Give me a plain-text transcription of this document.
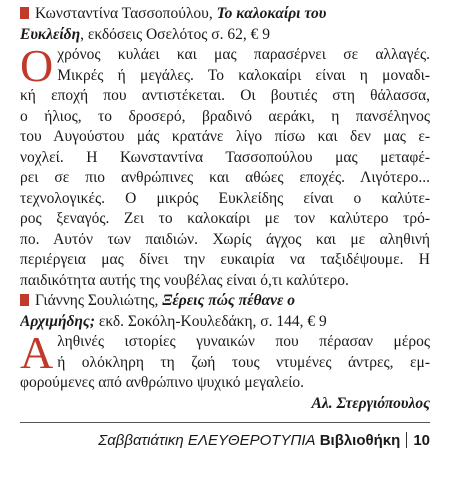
Κωνσταντίνα Τασσοπούλου, Το καλοκαίρι του
Ευκλείδη, εκδόσεις Οσελότος σ. 62, € 9
Ο χρόνος κυλάει και μας παρασέρνει σε αλλαγές.
Μικρές ή μεγάλες. Το καλοκαίρι είναι η μοναδι-
κή εποχή που αντιστέκεται. Οι βουτιές στη θάλασσα,
ο ήλιος, το δροσερό, βραδινό αεράκι, η πανσέληνος
του Αυγούστου μάς κρατάνε λίγο πίσω και δεν μας ε-
νοχλεί. Η Κωνσταντίνα Τασσοπούλου μας μεταφέ-
ρει σε πιο ανθρώπινες και αθώες εποχές. Λιγότερο...
τεχνολογικές. Ο μικρός Ευκλείδης είναι ο καλύτε-
ρος ξεναγός. Ζει το καλοκαίρι με τον καλύτερο τρό-
πο. Αυτόν των παιδιών. Χωρίς άγχος και με αληθινή
περιέργεια μας δίνει την ευκαιρία να ταξιδέψουμε. Η
παιδικότητα αυτής της νουβέλας είναι ό,τι καλύτερο.
Γιάννης Σουλιώτης, Ξέρεις πώς πέθανε ο
Αρχιμήδης; εκδ. Σοκόλη-Κουλεδάκη, σ. 144, € 9
Α ληθινές ιστορίες γυναικών που πέρασαν μέρος
ή ολόκληρη τη ζωή τους ντυμένες άντρες, εμ-
φορούμενες από ανθρώπινο ψυχικό μεγαλείο.
Αλ. Στεργιόπουλος
Σαββατιάτικη ΕΛΕΥΘΕΡΟΤΥΠΙΑ Βιβλιοθήκη 10
